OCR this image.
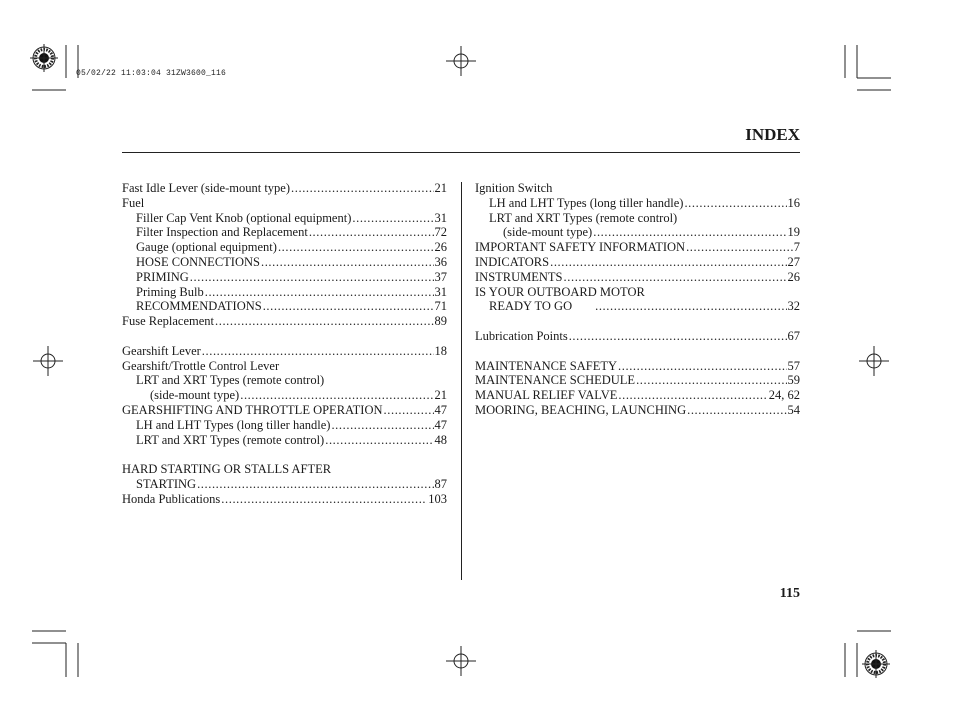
05/02/22 11:03:04 31ZW3600_116
INDEX
Fast Idle Lever (side-mount type) .....	21
Fuel
Filler Cap Vent Knob (optional equipment) .....	31
Filter Inspection and Replacement .....	72
Gauge (optional equipment) .....	26
HOSE CONNECTIONS .....	36
PRIMING .....	37
Priming Bulb .....	31
RECOMMENDATIONS .....	71
Fuse Replacement .....	89
Gearshift Lever .....	18
Gearshift/Trottle Control Lever
LRT and XRT Types (remote control)
(side-mount type) .....	21
GEARSHIFTING AND THROTTLE OPERATION .....	47
LH and LHT Types (long tiller handle) .....	47
LRT and XRT Types (remote control) .....	48
HARD STARTING OR STALLS AFTER
STARTING .....	87
Honda Publications .....	103
Ignition Switch
LH and LHT Types (long tiller handle) .....	16
LRT and XRT Types (remote control)
(side-mount type) .....	19
IMPORTANT SAFETY INFORMATION .....	7
INDICATORS .....	27
INSTRUMENTS .....	26
IS YOUR OUTBOARD MOTOR
READY TO GO .....	32
Lubrication Points .....	67
MAINTENANCE SAFETY .....	57
MAINTENANCE SCHEDULE .....	59
MANUAL RELIEF VALVE .....	24, 62
MOORING, BEACHING, LAUNCHING .....	54
115
